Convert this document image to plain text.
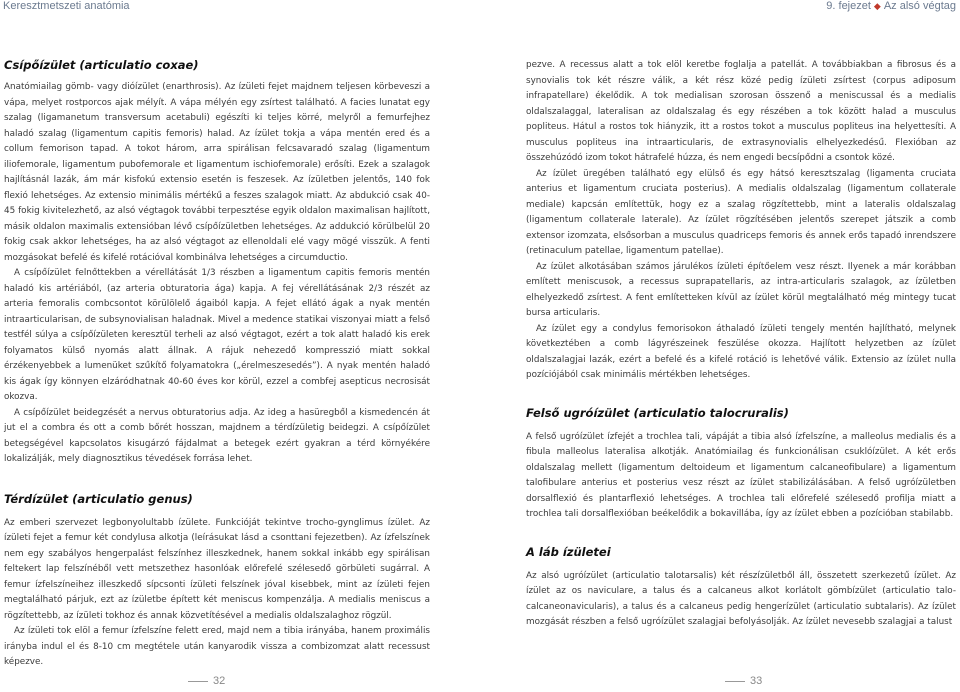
Keresztmetszeti anatómia	9. fejezet ◆ Az alsó végtag
Csípőízület (articulatio coxae)

Anatómiailag gömb- vagy dióízület (enarthrosis). Az ízületi fejet majdnem teljesen körbeveszi a vápa, melyet rostporcos ajak mélyít. A vápa mélyén egy zsírtest található. A facies lunatat egy szalag (ligamanetum transversum acetabuli) egészíti ki teljes körré, melyről a femurfejhez haladó szalag (ligamentum capitis femoris) halad. Az ízület tokja a vápa mentén ered és a collum femorison tapad. A tokot három, arra spirálisan felcsavaradó szalag (ligamentum iliofemorale, ligamentum pubofemorale et ligamentum ischiofemorale) erősíti. Ezek a szalagok hajlításnál lazák, ám már kisfokú extensio esetén is feszesek. Az ízületben jelentős, 140 fok flexió lehetséges. Az extensio minimális mértékű a feszes szalagok miatt. Az abdukció csak 40-45 fokig kivitelezhető, az alsó végtagok további terpesztése egyik oldalon maximalisan hajlított, másik oldalon maximalis extensióban lévő csípőízületben lehetséges. Az addukció körülbelül 20 fokig csak akkor lehetséges, ha az alsó végtagot az ellenoldali elé vagy mögé visszük. A fenti mozgásokat befelé és kifelé rotációval kombinálva lehetséges a circumductio.

A csípőízület felnőttekben a vérellátását 1/3 részben a ligamentum capitis femoris mentén haladó kis artériából, (az arteria obturatoria ága) kapja. A fej vérellátásának 2/3 részét az arteria femoralis combcsontot körülölelő ágaiból kapja. A fejet ellátó ágak a nyak mentén intraarticularisan, de subsynovialisan haladnak. Mivel a medence statikai viszonyai miatt a felső testfél súlya a csípőízületen keresztül terheli az alsó végtagot, ezért a tok alatt haladó kis erek folyamatos külső nyomás alatt állnak. A rájuk nehezedő kompresszió miatt sokkal érzékenyebbek a lumenüket szűkítő folyamatokra („érelmeszesedés”). A nyak mentén haladó kis ágak így könnyen elzáródhatnak 40-60 éves kor körül, ezzel a combfej asepticus necrosisát okozva.

A csípőízület beidegzését a nervus obturatorius adja. Az ideg a hasüregből a kismedencén át jut el a combra és ott a comb bőrét hosszan, majdnem a térdízületig beidegzi. A csípőízület betegségével kapcsolatos kisugárzó fájdalmat a betegek ezért gyakran a térd környékére lokalizálják, mely diagnosztikus tévedések forrása lehet.

Térdízület (articulatio genus)

Az emberi szervezet legbonyolultabb ízülete. Funkcióját tekintve trocho-gynglimus ízület. Az ízületi fejet a femur két condylusa alkotja (leírásukat lásd a csonttani fejezetben). Az ízfelszínek nem egy szabályos hengerpalást felszínhez illeszkednek, hanem sokkal inkább egy spirálisan feltekert lap felszínéből vett metszethez hasonlóak előrefelé szélesedő görbületi sugárral. A femur ízfelszíneihez illeszkedő sípcsonti ízületi felszínek jóval kisebbek, mint az ízületi fejen megtalálható párjuk, ezt az ízületbe épített két meniscus kompenzálja. A medialis meniscus a rögzítettebb, az ízületi tokhoz és annak közvetítésével a medialis oldalszalaghoz rögzül.

Az ízületi tok elöl a femur ízfelszíne felett ered, majd nem a tibia irányába, hanem proximális irányba indul el és 8-10 cm megtétele után kanyarodik vissza a combizomzat alatt recessust képezve.

pezve. A recessus alatt a tok elöl keretbe foglalja a patellát. A továbbiakban a fibrosus és a synovialis tok két részre válik, a két rész közé pedig ízületi zsírtest (corpus adiposum infrapatellare) ékelődik. A tok medialisan szorosan összenő a meniscussal és a medialis oldalszalaggal, lateralisan az oldalszalag és egy részében a tok között halad a musculus popliteus. Hátul a rostos tok hiányzik, itt a rostos tokot a musculus popliteus ina helyettesíti. A musculus popliteus ina intraarticularis, de extrasynovialis elhelyezkedésű. Flexióban az összehúzódó izom tokot hátrafelé húzza, és nem engedi becsípődni a csontok közé.

Az ízület üregében található egy elülső és egy hátsó keresztszalag (ligamenta cruciata anterius et ligamentum cruciata posterius). A medialis oldalszalag (ligamentum collaterale mediale) kapcsán említettük, hogy ez a szalag rögzítettebb, mint a lateralis oldalszalag (ligamentum collaterale laterale). Az ízület rögzítésében jelentős szerepet játszik a comb extensor izomzata, elsősorban a musculus quadriceps femoris és annek erős tapadó inrendszere (retinaculum patellae, ligamentum patellae).

Az ízület alkotásában számos járulékos ízületi építőelem vesz részt. Ilyenek a már korábban említett meniscusok, a recessus suprapatellaris, az intra-articularis szalagok, az ízületben elhelyezkedő zsírtest. A fent említetteken kívül az ízület körül megtalálható még mintegy tucat bursa articularis.

Az ízület egy a condylus femorisokon áthaladó ízületi tengely mentén hajlítható, melynek következtében a comb lágyrészeinek feszülése okozza. Hajlított helyzetben az ízület oldalszalagjai lazák, ezért a befelé és a kifelé rotáció is lehetővé válik. Extensio az ízület nulla pozíciójából csak minimális mértékben lehetséges.

Felső ugróízület (articulatio talocruralis)

A felső ugróízület ízfejét a trochlea tali, vápáját a tibia alsó ízfelszíne, a malleolus medialis és a fibula malleolus lateralisa alkotják. Anatómiailag és funkcionálisan csuklóízület. A két erős oldalszalag mellett (ligamentum deltoideum et ligamentum calcaneofibulare) a ligamentum talofibulare anterius et posterius vesz részt az ízület stabilizálásában. A felső ugróízületben dorsalflexió és plantarflexió lehetséges. A trochlea tali előrefelé szélesedő profilja miatt a trochlea tali dorsalflexióban beékelődik a bokavillába, így az ízület ebben a pozícióban stabilabb.

A láb ízületei

Az alsó ugróízület (articulatio talotarsalis) két részízületből áll, összetett szerkezetű ízület. Az ízület az os naviculare, a talus és a calcaneus alkot korlátolt gömbízület (articulatio talo-calcaneonavicularis), a talus és a calcaneus pedig hengerízület (articulatio subtalaris). Az ízület mozgását részben a felső ugróízület szalagjai befolyásolják. Az ízület nevesebb szalagjai a talust

32	33
